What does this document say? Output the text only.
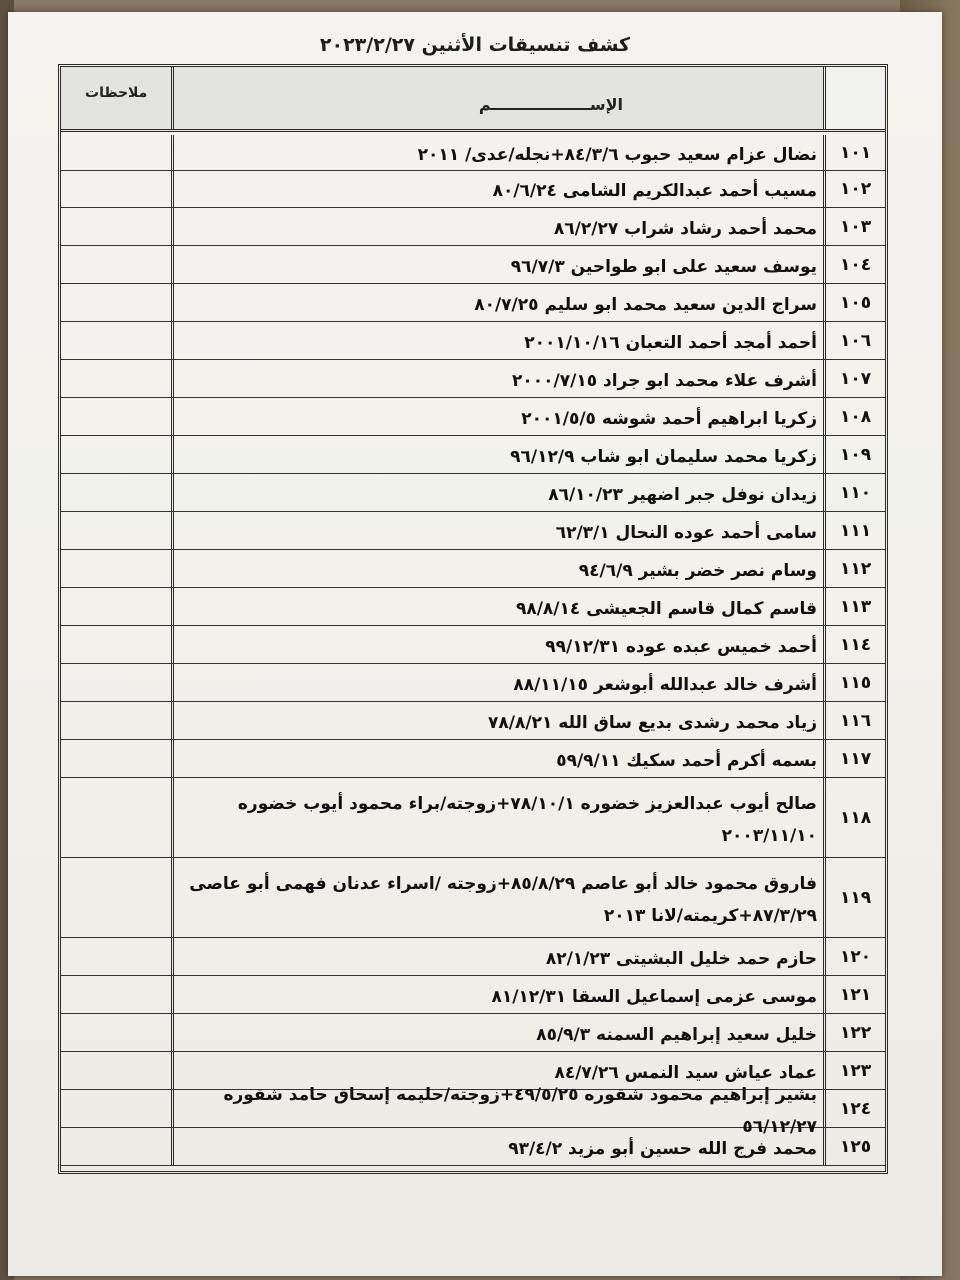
كشف تنسيقات الأثنين ٢٠٢٣/٢/٢٧
الإســــــــــــــــــم
ملاحظات
١٠١
نضال عزام سعيد حبوب ٨٤/٣/٦+نجله/عدى/ ٢٠١١
١٠٢
مسيب أحمد عبدالكريم الشامى ٨٠/٦/٢٤
١٠٣
محمد أحمد رشاد شراب ٨٦/٢/٢٧
١٠٤
يوسف سعيد على ابو طواحين ٩٦/٧/٣
١٠٥
سراج الدين سعيد محمد ابو سليم ٨٠/٧/٢٥
١٠٦
أحمد أمجد أحمد التعبان ٢٠٠١/١٠/١٦
١٠٧
أشرف علاء محمد ابو جراد ٢٠٠٠/٧/١٥
١٠٨
زكريا ابراهيم أحمد شوشه ٢٠٠١/٥/٥
١٠٩
زكريا محمد سليمان ابو شاب ٩٦/١٢/٩
١١٠
زيدان نوفل جبر اضهير ٨٦/١٠/٢٣
١١١
سامى أحمد عوده النحال ٦٢/٣/١
١١٢
وسام نصر خضر بشير ٩٤/٦/٩
١١٣
قاسم كمال قاسم الجعيشى ٩٨/٨/١٤
١١٤
أحمد خميس عبده عوده ٩٩/١٢/٣١
١١٥
أشرف خالد عبدالله أبوشعر ٨٨/١١/١٥
١١٦
زياد محمد رشدى بديع ساق الله ٧٨/٨/٢١
١١٧
بسمه أكرم أحمد سكيك ٥٩/٩/١١
١١٨
صالح أيوب عبدالعزيز خضوره ٧٨/١٠/١+زوجته/براء محمود أيوب خضوره ٢٠٠٣/١١/١٠
١١٩
فاروق محمود خالد أبو عاصم ٨٥/٨/٢٩+زوجته /اسراء عدنان فهمى أبو عاصى ٨٧/٣/٢٩+كريمته/لانا ٢٠١٣
١٢٠
حازم حمد خليل البشيتى ٨٢/١/٢٣
١٢١
موسى عزمى إسماعيل السقا ٨١/١٢/٣١
١٢٢
خليل سعيد إبراهيم السمنه ٨٥/٩/٣
١٢٣
عماد عياش سيد النمس ٨٤/٧/٢٦
١٢٤
بشير إبراهيم محمود شقوره ٤٩/٥/٢٥+زوجته/حليمه إسحاق حامد شقوره ٥٦/١٢/٢٧
١٢٥
محمد فرج الله حسين أبو مزيد ٩٣/٤/٢
